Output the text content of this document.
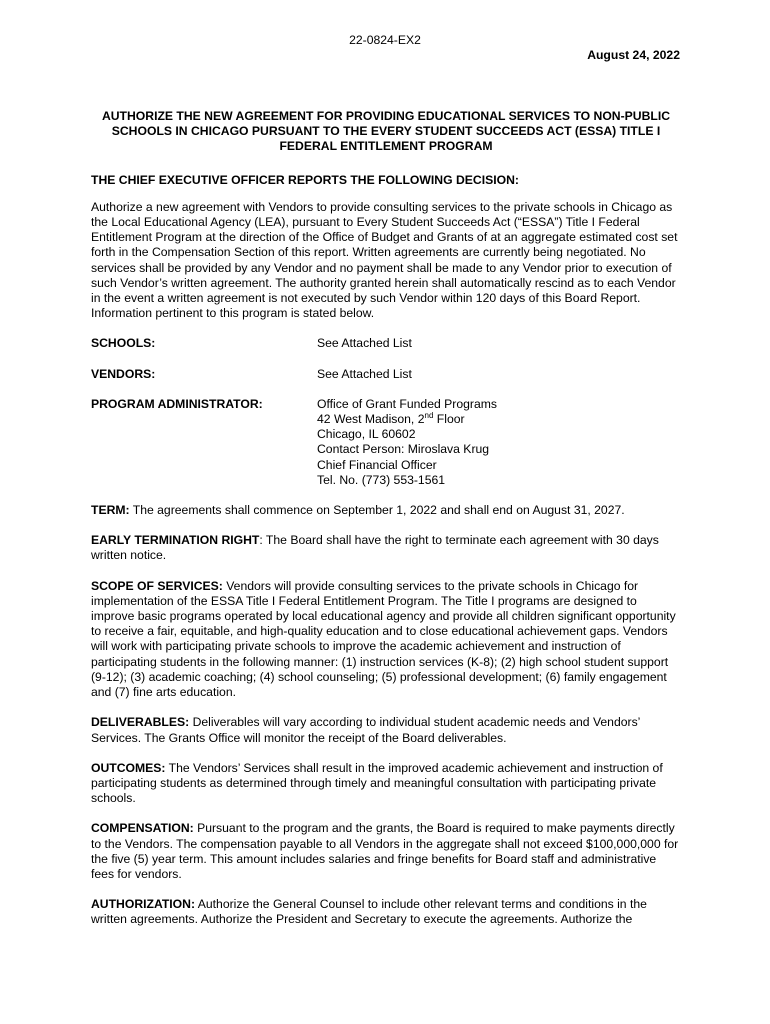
22-0824-EX2
August 24, 2022

AUTHORIZE THE NEW AGREEMENT FOR PROVIDING EDUCATIONAL SERVICES TO NON-PUBLIC SCHOOLS IN CHICAGO PURSUANT TO THE EVERY STUDENT SUCCEEDS ACT (ESSA) TITLE I FEDERAL ENTITLEMENT PROGRAM

THE CHIEF EXECUTIVE OFFICER REPORTS THE FOLLOWING DECISION:

Authorize a new agreement with Vendors to provide consulting services to the private schools in Chicago as the Local Educational Agency (LEA), pursuant to Every Student Succeeds Act (“ESSA”) Title I Federal Entitlement Program at the direction of the Office of Budget and Grants of at an aggregate estimated cost set forth in the Compensation Section of this report. Written agreements are currently being negotiated. No services shall be provided by any Vendor and no payment shall be made to any Vendor prior to execution of such Vendor’s written agreement. The authority granted herein shall automatically rescind as to each Vendor in the event a written agreement is not executed by such Vendor within 120 days of this Board Report. Information pertinent to this program is stated below.

SCHOOLS:	See Attached List
VENDORS:	See Attached List
PROGRAM ADMINISTRATOR:	Office of Grant Funded Programs
42 West Madison, 2nd Floor
Chicago, IL 60602
Contact Person: Miroslava Krug
Chief Financial Officer
Tel. No. (773) 553-1561

TERM: The agreements shall commence on September 1, 2022 and shall end on August 31, 2027.

EARLY TERMINATION RIGHT: The Board shall have the right to terminate each agreement with 30 days written notice.

SCOPE OF SERVICES: Vendors will provide consulting services to the private schools in Chicago for implementation of the ESSA Title I Federal Entitlement Program. The Title I programs are designed to improve basic programs operated by local educational agency and provide all children significant opportunity to receive a fair, equitable, and high-quality education and to close educational achievement gaps. Vendors will work with participating private schools to improve the academic achievement and instruction of participating students in the following manner: (1) instruction services (K-8); (2) high school student support (9-12); (3) academic coaching; (4) school counseling; (5) professional development; (6) family engagement and (7) fine arts education.

DELIVERABLES: Deliverables will vary according to individual student academic needs and Vendors’ Services. The Grants Office will monitor the receipt of the Board deliverables.

OUTCOMES: The Vendors’ Services shall result in the improved academic achievement and instruction of participating students as determined through timely and meaningful consultation with participating private schools.

COMPENSATION: Pursuant to the program and the grants, the Board is required to make payments directly to the Vendors. The compensation payable to all Vendors in the aggregate shall not exceed $100,000,000 for the five (5) year term. This amount includes salaries and fringe benefits for Board staff and administrative fees for vendors.

AUTHORIZATION: Authorize the General Counsel to include other relevant terms and conditions in the written agreements. Authorize the President and Secretary to execute the agreements. Authorize the
